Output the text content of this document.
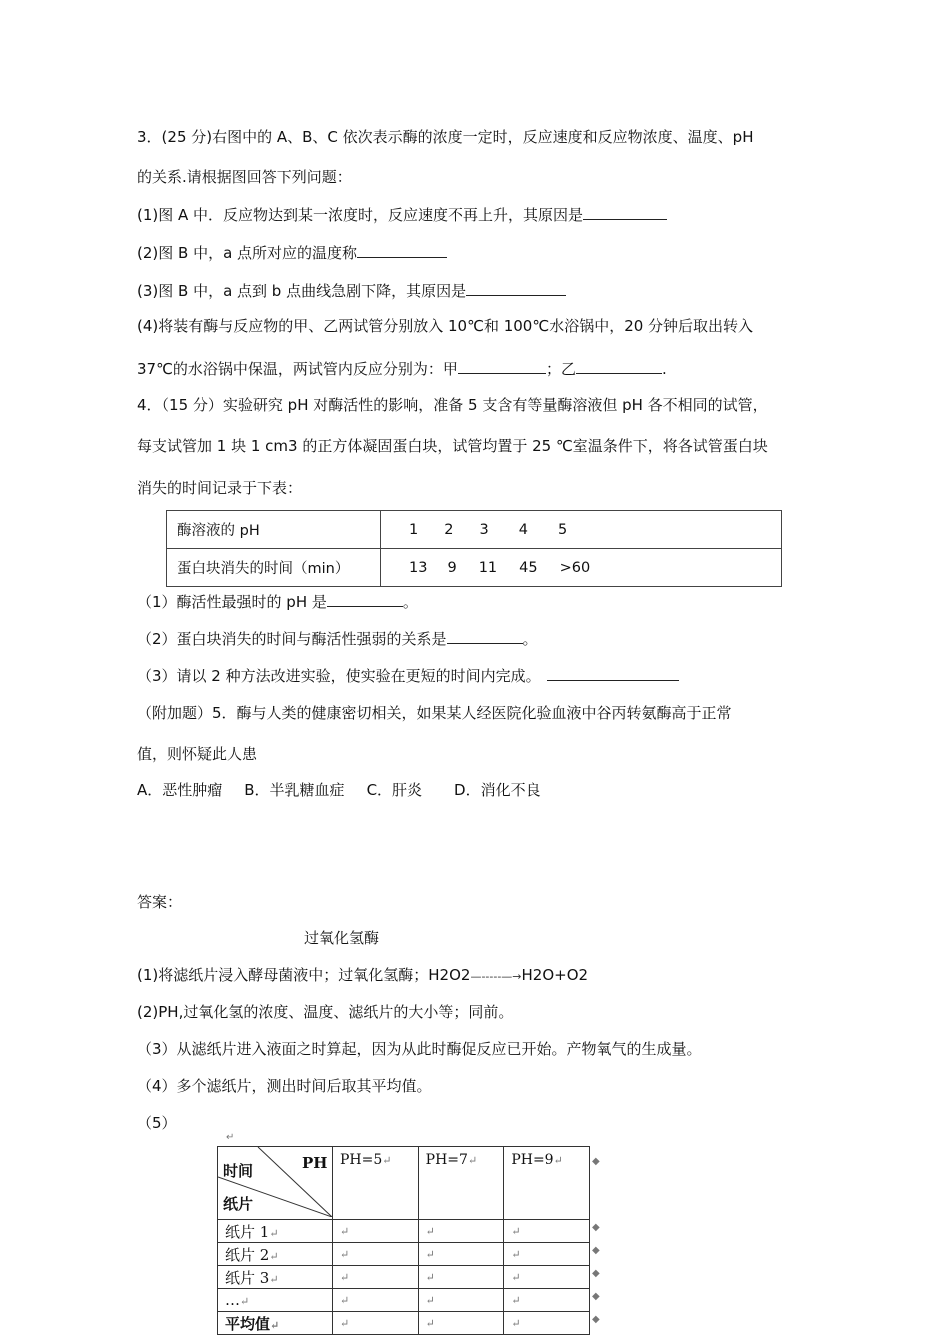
3．(25 分)右图中的 A、B、C 依次表示酶的浓度一定时，反应速度和反应物浓度、温度、pH
的关系.请根据图回答下列问题：
(1)图 A 中．反应物达到某一浓度时，反应速度不再上升，其原因是
(2)图 B 中，a 点所对应的温度称
(3)图 B 中，a 点到 b 点曲线急剧下降，其原因是
(4)将装有酶与反应物的甲、乙两试管分别放入 10℃和 100℃水浴锅中，20 分钟后取出转入
37℃的水浴锅中保温，两试管内反应分别为：甲	；乙	.
4．（15 分）实验研究 pH 对酶活性的影响，准备 5 支含有等量酶溶液但 pH 各不相同的试管，
每支试管加 1 块 1 cm3 的正方体凝固蛋白块，试管均置于 25 ℃室温条件下，将各试管蛋白块
消失的时间记录于下表：
酶溶液的 pH	1 2 3 4 5
蛋白块消失的时间（min）	13 9 11 45 >60
（1）酶活性最强时的 pH 是	。
（2）蛋白块消失的时间与酶活性强弱的关系是	。
（3）请以 2 种方法改进实验，使实验在更短的时间内完成。
（附加题）5．酶与人类的健康密切相关，如果某人经医院化验血液中谷丙转氨酶高于正常
值，则怀疑此人患
A．恶性肿瘤 B．半乳糖血症 C．肝炎 D．消化不良
答案：
过氧化氢酶
(1)将滤纸片浸入酵母菌液中；过氧化氢酶；H2O2—-----—→H2O+O2
(2)PH,过氧化氢的浓度、温度、滤纸片的大小等；同前。
（3）从滤纸片进入液面之时算起，因为从此时酶促反应已开始。产物氧气的生成量。
（4）多个滤纸片，测出时间后取其平均值。
（5）
↵
时间 PH
纸片	PH=5↵	PH=7↵	PH=9↵
纸片 1↵	↵	↵	↵
纸片 2↵	↵	↵	↵
纸片 3↵	↵	↵	↵
…↵	↵	↵	↵
平均值↵	↵	↵	↵
◆
◆
◆
◆
◆
◆
